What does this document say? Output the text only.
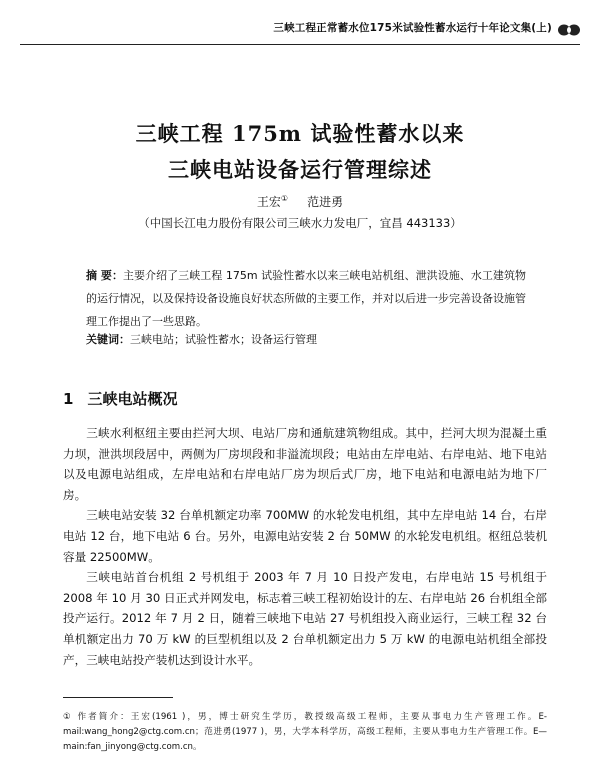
三峡工程正常蓄水位175米试验性蓄水运行十年论文集(上)
三峡工程 175m 试验性蓄水以来
三峡电站设备运行管理综述
王宏① 范进勇
（中国长江电力股份有限公司三峡水力发电厂，宜昌 443133）
摘 要：主要介绍了三峡工程 175m 试验性蓄水以来三峡电站机组、泄洪设施、水工建筑物的运行情况，以及保持设备设施良好状态所做的主要工作，并对以后进一步完善设备设施管理工作提出了一些思路。
关键词：三峡电站；试验性蓄水；设备运行管理
1 三峡电站概况

三峡水利枢纽主要由拦河大坝、电站厂房和通航建筑物组成。其中，拦河大坝为混凝土重力坝，泄洪坝段居中，两侧为厂房坝段和非溢流坝段；电站由左岸电站、右岸电站、地下电站以及电源电站组成，左岸电站和右岸电站厂房为坝后式厂房，地下电站和电源电站为地下厂房。

三峡电站安装 32 台单机额定功率 700MW 的水轮发电机组，其中左岸电站 14 台，右岸电站 12 台，地下电站 6 台。另外，电源电站安装 2 台 50MW 的水轮发电机组。枢纽总装机容量 22500MW。

三峡电站首台机组 2 号机组于 2003 年 7 月 10 日投产发电，右岸电站 15 号机组于 2008 年 10 月 30 日正式并网发电，标志着三峡工程初始设计的左、右岸电站 26 台机组全部投产运行。2012 年 7 月 2 日，随着三峡地下电站 27 号机组投入商业运行，三峡工程 32 台单机额定出力 70 万 kW 的巨型机组以及 2 台单机额定出力 5 万 kW 的电源电站机组全部投产，三峡电站投产装机达到设计水平。

① 作者简介：王宏(1961 )，男，博士研究生学历，教授级高级工程师，主要从事电力生产管理工作。E-mail:wang_hong2@ctg.com.cn；范进勇(1977 )，男，大学本科学历，高级工程师，主要从事电力生产管理工作。E—main:fan_jinyong@ctg.com.cn。
